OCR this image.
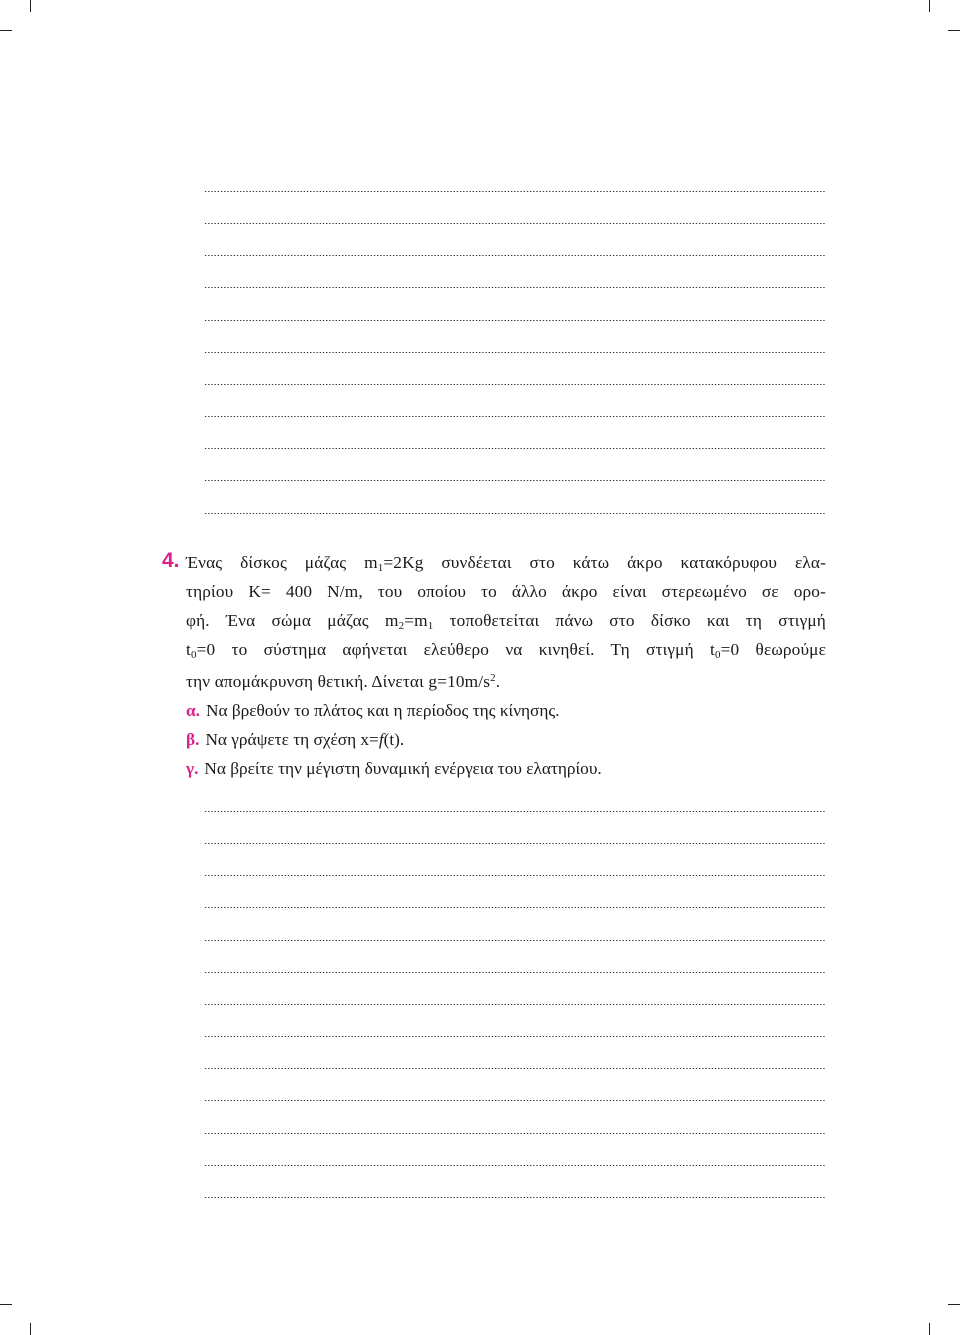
4. Ένας δίσκος μάζας $m_1=2Kg$ συνδέεται στο κάτω άκρο κατακόρυφου ελα-
τηρίου K= 400 N/m, του οποίου το άλλο άκρο είναι στερεωμένο σε ορο-
φή. Ένα σώμα μάζας $m_2=m_1$ τοποθετείται πάνω στο δίσκο και τη στιγμή
$t_0=0$ το σύστημα αφήνεται ελεύθερο να κινηθεί. Τη στιγμή $t_0=0$ θεωρούμε
την απομάκρυνση θετική. Δίνεται $g=10m/s^2$.
α. Να βρεθούν το πλάτος και η περίοδος της κίνησης.
β. Να γράψετε τη σχέση x=f(t).
γ. Να βρείτε την μέγιστη δυναμική ενέργεια του ελατηρίου.
